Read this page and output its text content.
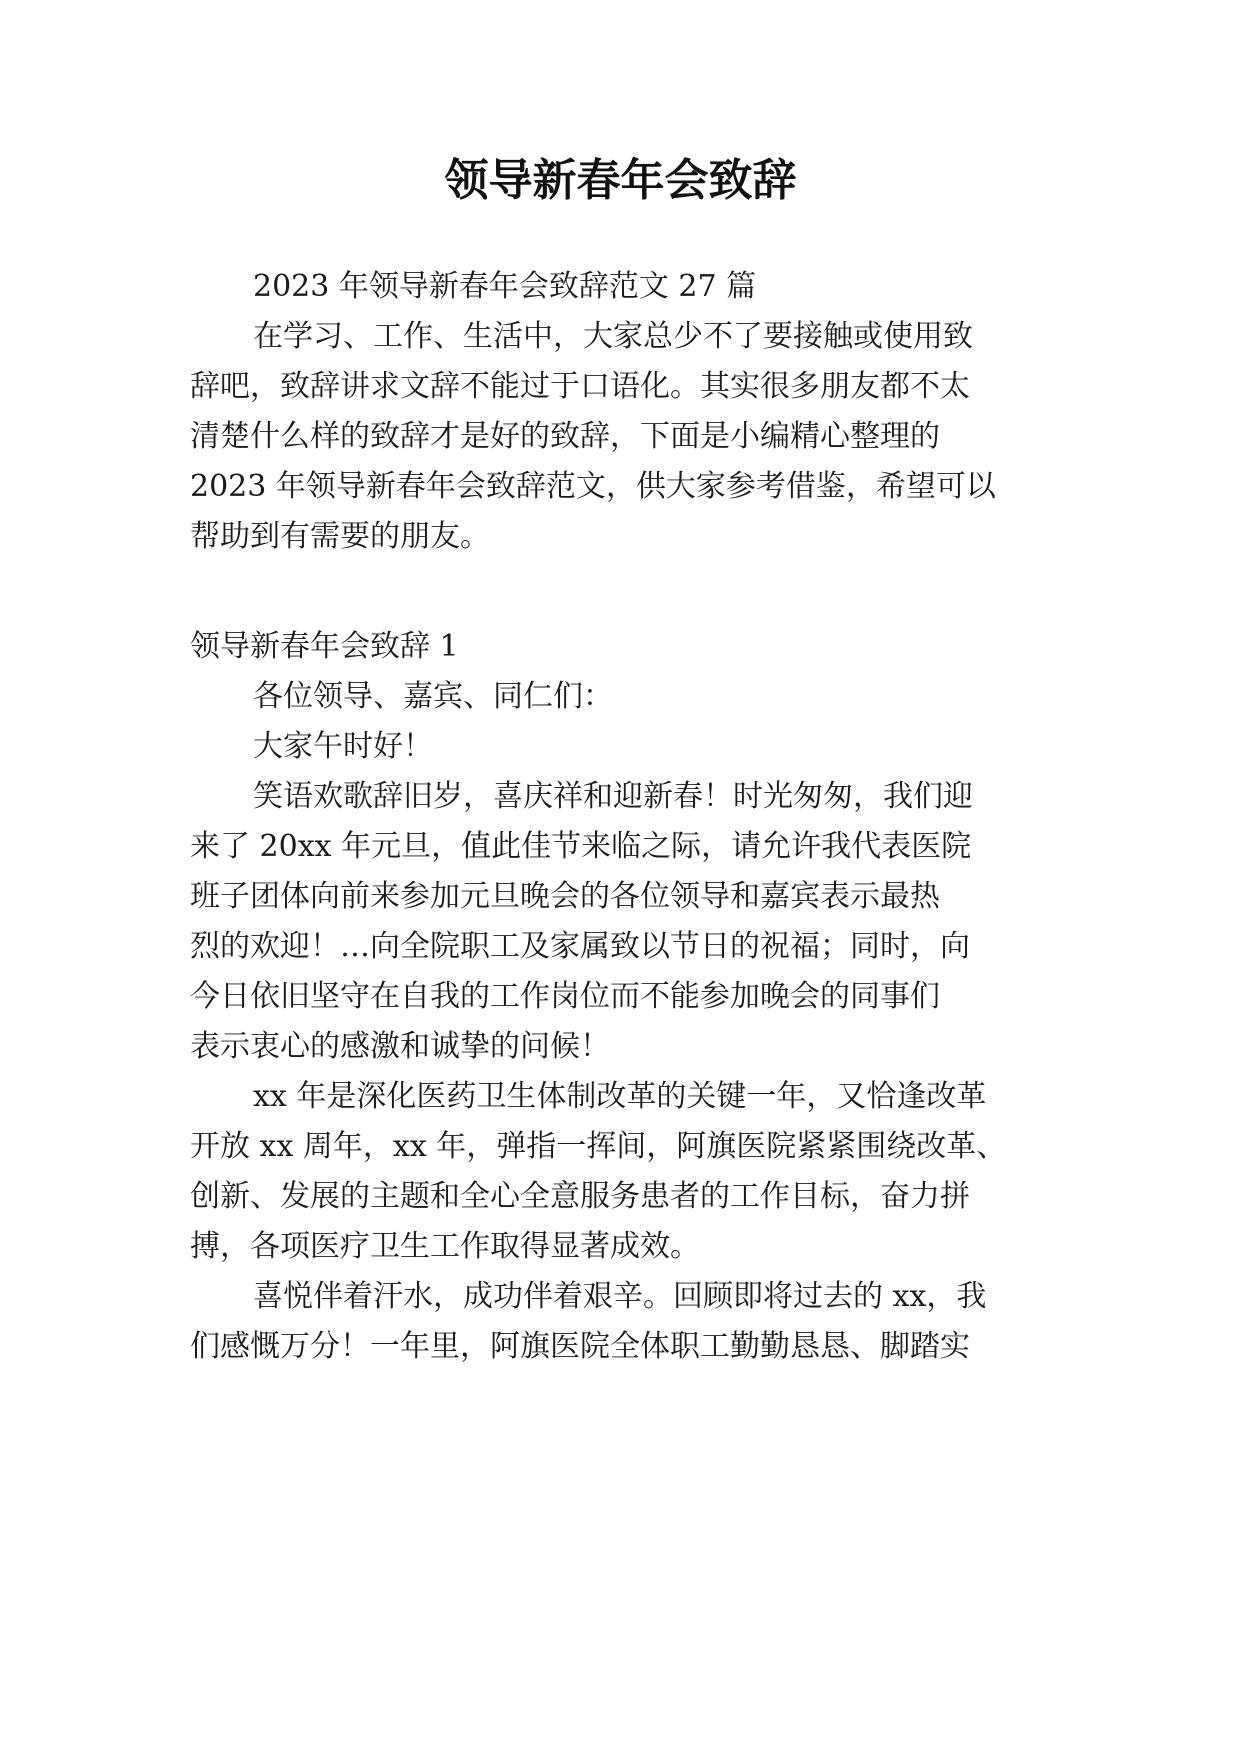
领导新春年会致辞
2023 年领导新春年会致辞范文 27 篇
在学习、工作、生活中，大家总少不了要接触或使用致
辞吧，致辞讲求文辞不能过于口语化。其实很多朋友都不太
清楚什么样的致辞才是好的致辞，下面是小编精心整理的
2023 年领导新春年会致辞范文，供大家参考借鉴，希望可以
帮助到有需要的朋友。
领导新春年会致辞 1
各位领导、嘉宾、同仁们：
大家午时好！
笑语欢歌辞旧岁，喜庆祥和迎新春！时光匆匆，我们迎
来了 20xx 年元旦，值此佳节来临之际，请允许我代表医院
班子团体向前来参加元旦晚会的各位领导和嘉宾表示最热
烈的欢迎！…向全院职工及家属致以节日的祝福；同时，向
今日依旧坚守在自我的工作岗位而不能参加晚会的同事们
表示衷心的感激和诚挚的问候！
xx 年是深化医药卫生体制改革的关键一年，又恰逢改革
开放 xx 周年，xx 年，弹指一挥间，阿旗医院紧紧围绕改革、
创新、发展的主题和全心全意服务患者的工作目标，奋力拼
搏，各项医疗卫生工作取得显著成效。
喜悦伴着汗水，成功伴着艰辛。回顾即将过去的 xx，我
们感慨万分！一年里，阿旗医院全体职工勤勤恳恳、脚踏实
